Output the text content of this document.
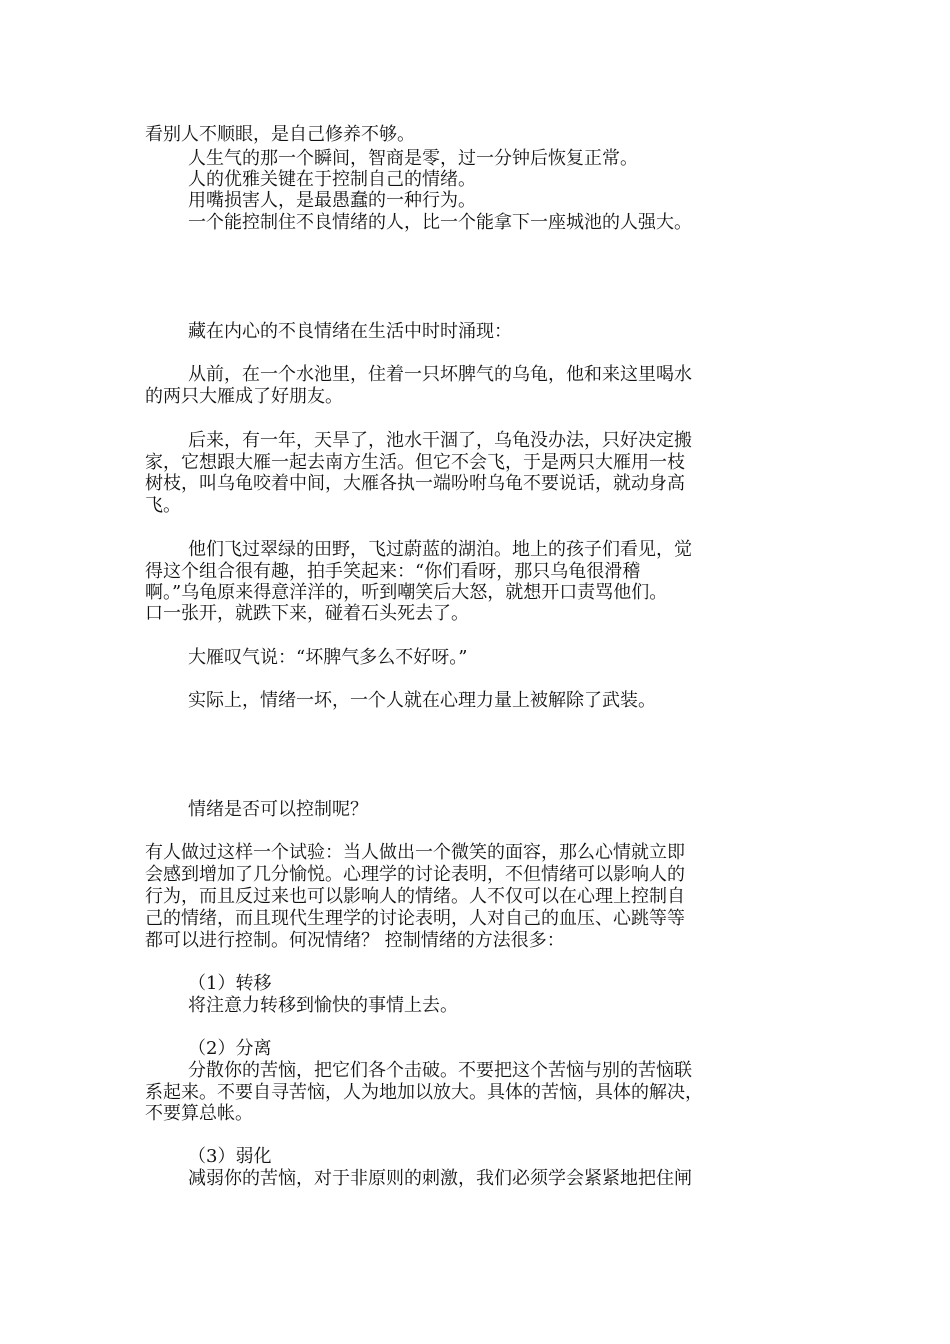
看别人不顺眼，是自己修养不够。
人生气的那一个瞬间，智商是零，过一分钟后恢复正常。
人的优雅关键在于控制自己的情绪。
用嘴损害人，是最愚蠢的一种行为。
一个能控制住不良情绪的人，比一个能拿下一座城池的人强大。
藏在内心的不良情绪在生活中时时涌现：
从前，在一个水池里，住着一只坏脾气的乌龟，他和来这里喝水
的两只大雁成了好朋友。
后来，有一年，天旱了，池水干涸了，乌龟没办法，只好决定搬
家，它想跟大雁一起去南方生活。但它不会飞，于是两只大雁用一枝
树枝，叫乌龟咬着中间，大雁各执一端吩咐乌龟不要说话，就动身高
飞。
他们飞过翠绿的田野，飞过蔚蓝的湖泊。地上的孩子们看见，觉
得这个组合很有趣，拍手笑起来：“你们看呀，那只乌龟很滑稽
啊。”乌龟原来得意洋洋的，听到嘲笑后大怒，就想开口责骂他们。
口一张开，就跌下来，碰着石头死去了。
大雁叹气说：“坏脾气多么不好呀。”
实际上，情绪一坏，一个人就在心理力量上被解除了武装。
情绪是否可以控制呢？
有人做过这样一个试验：当人做出一个微笑的面容，那么心情就立即
会感到增加了几分愉悦。心理学的讨论表明，不但情绪可以影响人的
行为，而且反过来也可以影响人的情绪。人不仅可以在心理上控制自
己的情绪，而且现代生理学的讨论表明，人对自己的血压、心跳等等
都可以进行控制。何况情绪？ 控制情绪的方法很多：
（1）转移
将注意力转移到愉快的事情上去。
（2）分离
分散你的苦恼，把它们各个击破。不要把这个苦恼与别的苦恼联
系起来。不要自寻苦恼，人为地加以放大。具体的苦恼，具体的解决，
不要算总帐。
（3）弱化
减弱你的苦恼，对于非原则的刺激，我们必须学会紧紧地把住闸
